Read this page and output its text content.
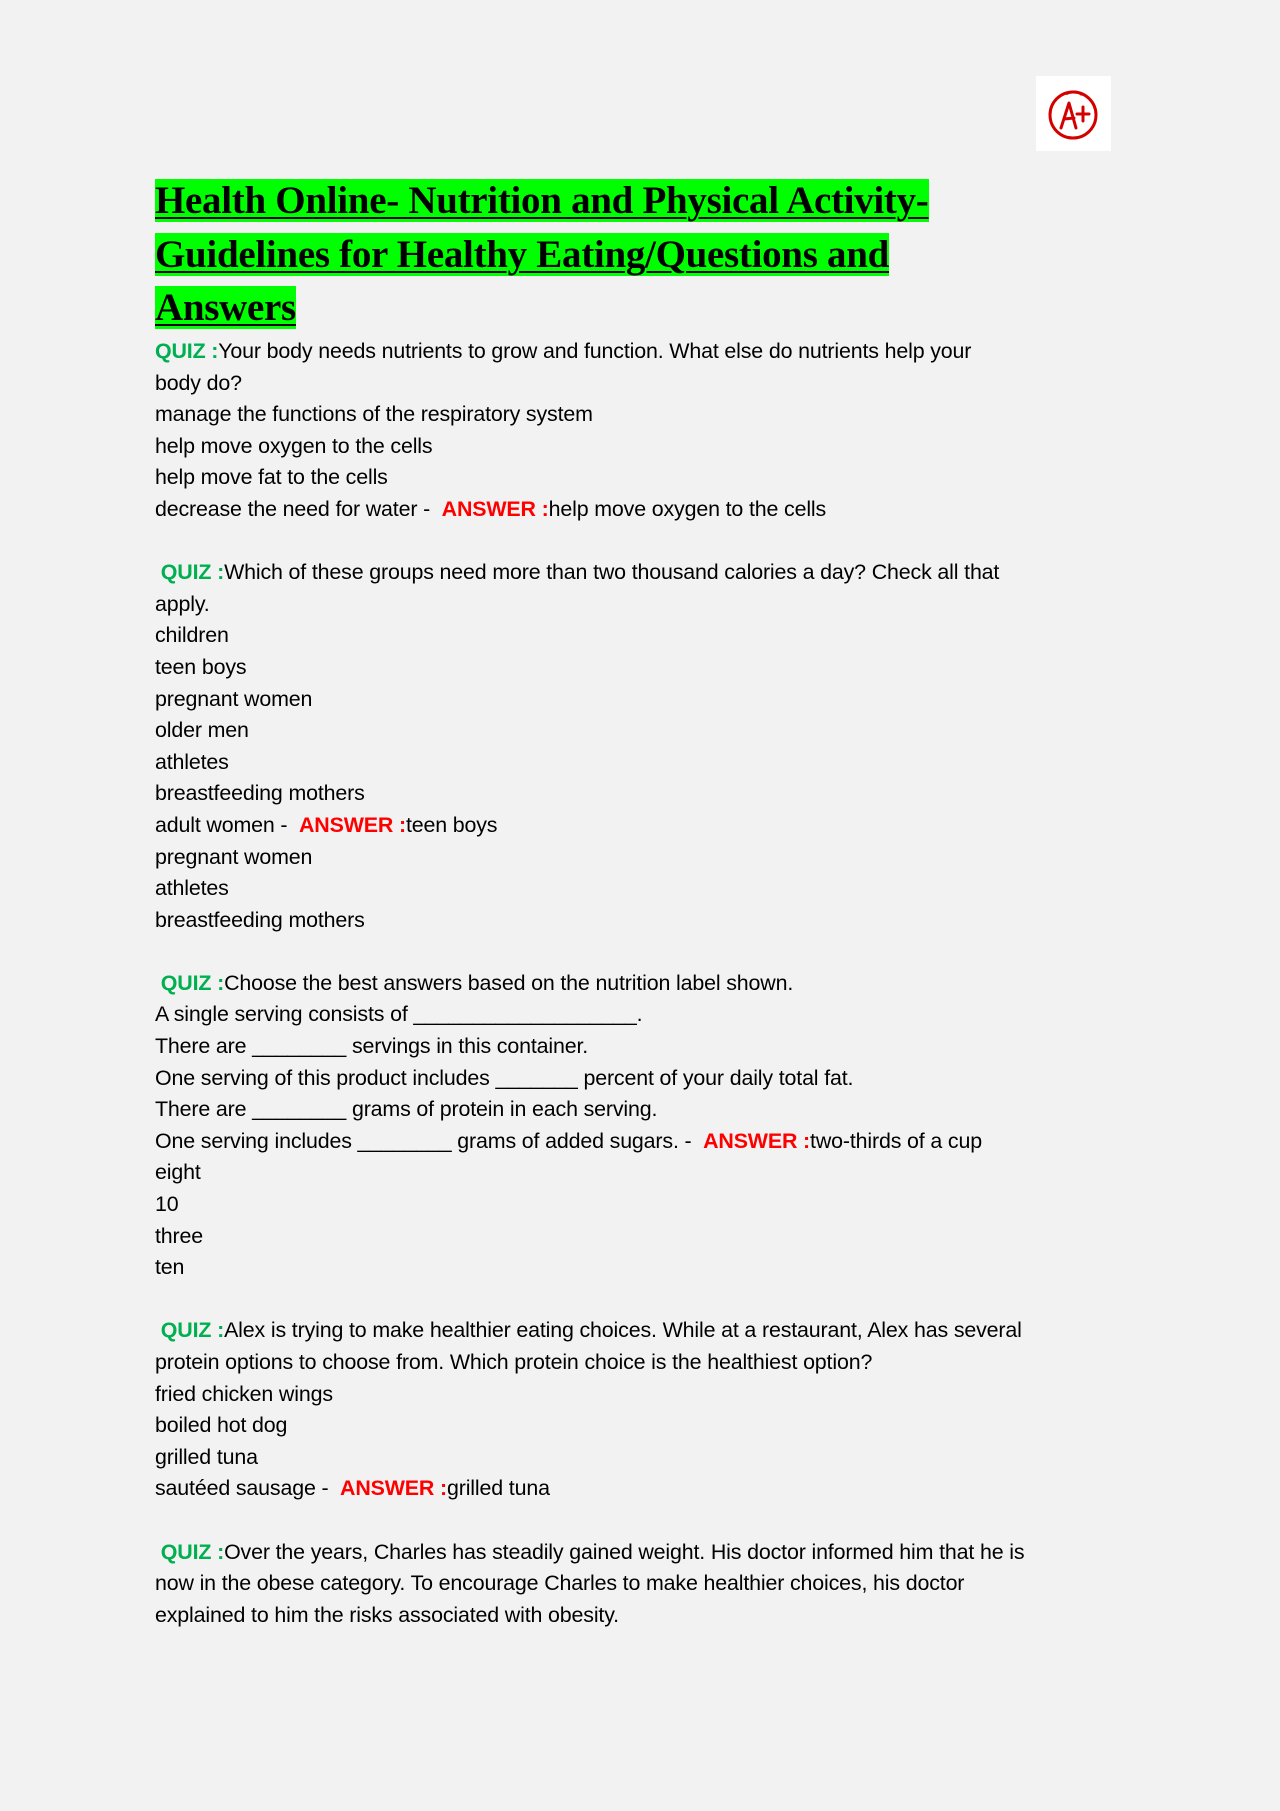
Health Online- Nutrition and Physical Activity-
Guidelines for Healthy Eating/Questions and
Answers
QUIZ :Your body needs nutrients to grow and function. What else do nutrients help your
body do?
manage the functions of the respiratory system
help move oxygen to the cells
help move fat to the cells
decrease the need for water -  ANSWER :help move oxygen to the cells
QUIZ :Which of these groups need more than two thousand calories a day? Check all that
apply.
children
teen boys
pregnant women
older men
athletes
breastfeeding mothers
adult women -  ANSWER :teen boys
pregnant women
athletes
breastfeeding mothers
QUIZ :Choose the best answers based on the nutrition label shown.
A single serving consists of ___________________.
There are ________ servings in this container.
One serving of this product includes _______ percent of your daily total fat.
There are ________ grams of protein in each serving.
One serving includes ________ grams of added sugars. -  ANSWER :two-thirds of a cup
eight
10
three
ten
QUIZ :Alex is trying to make healthier eating choices. While at a restaurant, Alex has several
protein options to choose from. Which protein choice is the healthiest option?
fried chicken wings
boiled hot dog
grilled tuna
sautéed sausage -  ANSWER :grilled tuna
QUIZ :Over the years, Charles has steadily gained weight. His doctor informed him that he is
now in the obese category. To encourage Charles to make healthier choices, his doctor
explained to him the risks associated with obesity.
